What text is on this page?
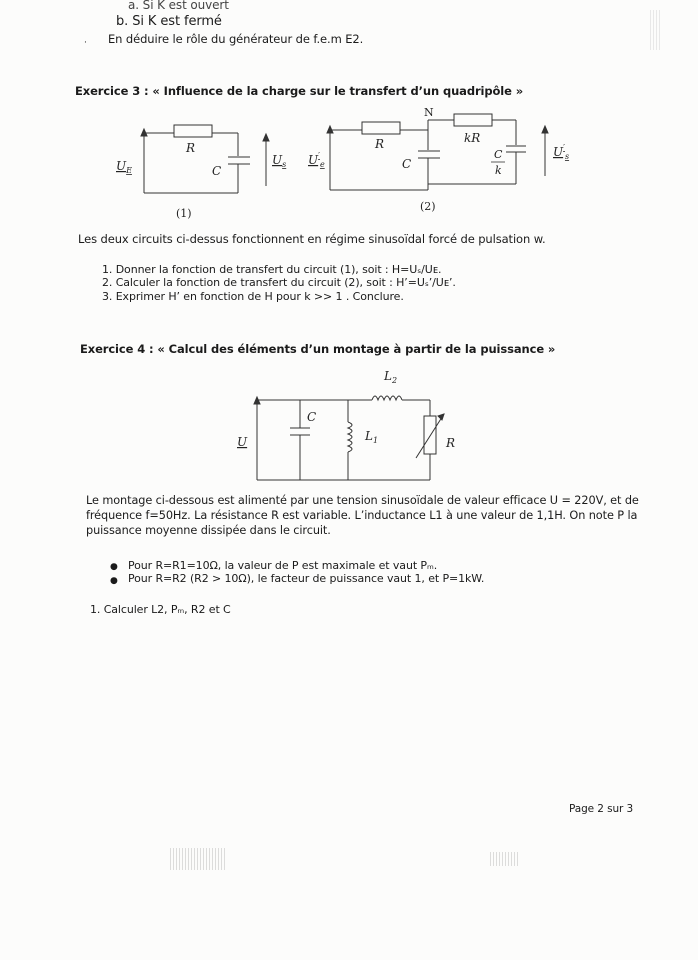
a. Si K est ouvert
b. Si K est fermé
En déduire le rôle du générateur de f.e.m E2.
·
Exercice 3 : « Influence de la charge sur le transfert d’un quadripôle »
R
C
$U_E$
$U_s$
(1)
N
R
C
kR
C
k
$U'_e$
$U'_s$
(2)
$L_2$
C
$L_1$	R
U
Les deux circuits ci-dessus fonctionnent en régime sinusoïdal forcé de pulsation w.
1. Donner la fonction de transfert du circuit (1), soit : H=Uₛ/Uᴇ.
2. Calculer la fonction de transfert du circuit (2), soit : H’=Uₛ’/Uᴇ’.
3. Exprimer H’ en fonction de H pour k >> 1 . Conclure.
Exercice 4 : « Calcul des éléments d’un montage à partir de la puissance »
Le montage ci-dessous est alimenté par une tension sinusoïdale de valeur efficace U = 220V, et de
fréquence f=50Hz. La résistance R est variable. L’inductance L1 à une valeur de 1,1H. On note P la
puissance moyenne dissipée dans le circuit.
● Pour R=R1=10Ω, la valeur de P est maximale et vaut Pₘ.
● Pour R=R2 (R2 > 10Ω), le facteur de puissance vaut 1, et P=1kW.
1. Calculer L2, Pₘ, R2 et C
Page 2 sur 3
